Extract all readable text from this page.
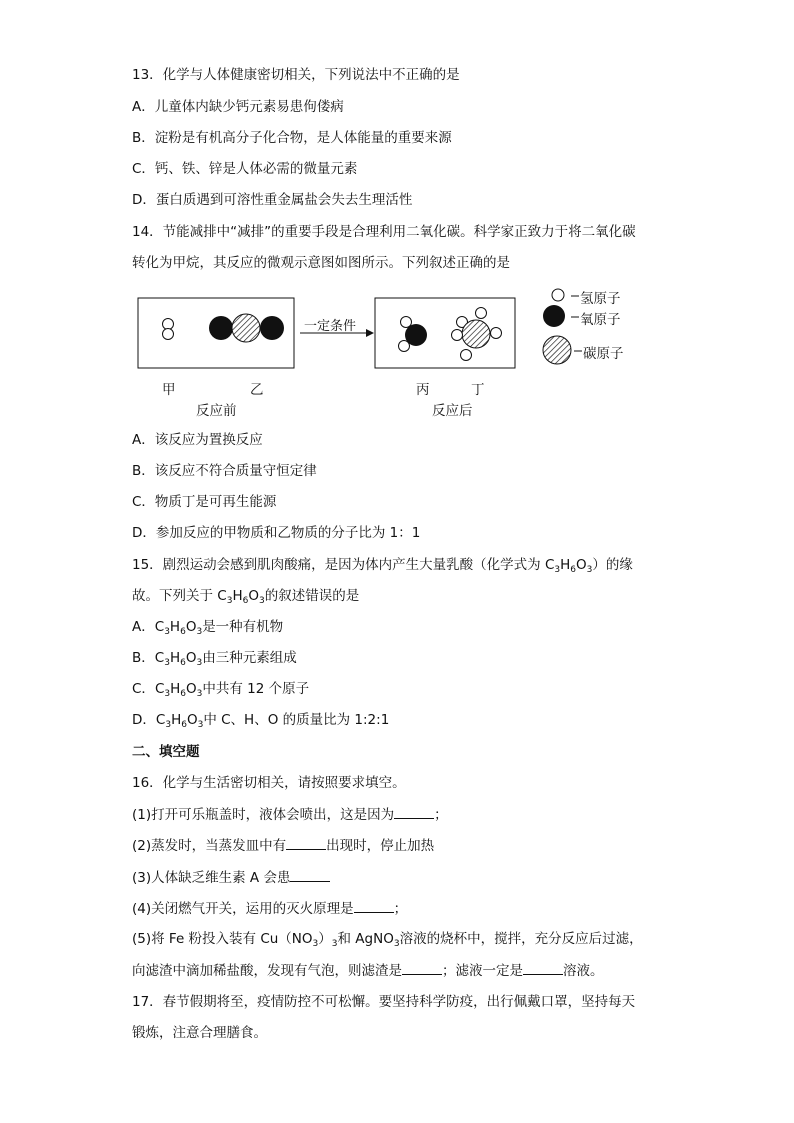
13．化学与人体健康密切相关，下列说法中不正确的是
A．儿童体内缺少钙元素易患佝偻病
B．淀粉是有机高分子化合物，是人体能量的重要来源
C．钙、铁、锌是人体必需的微量元素
D．蛋白质遇到可溶性重金属盐会失去生理活性
14．节能减排中“减排”的重要手段是合理利用二氧化碳。科学家正致力于将二氧化碳
转化为甲烷，其反应的微观示意图如图所示。下列叙述正确的是
一定条件
甲	乙
反应前
丙	丁
反应后
氢原子
氧原子
碳原子
A．该反应为置换反应
B．该反应不符合质量守恒定律
C．物质丁是可再生能源
D．参加反应的甲物质和乙物质的分子比为 1：1
15．剧烈运动会感到肌肉酸痛，是因为体内产生大量乳酸（化学式为 $C_3H_6O_3$）的缘
故。下列关于 $C_3H_6O_3$的叙述错误的是
A．$C_3H_6O_3$是一种有机物
B．$C_3H_6O_3$由三种元素组成
C．$C_3H_6O_3$中共有 12 个原子
D．$C_3H_6O_3$中 C、H、O 的质量比为 1:2:1
二、填空题
16．化学与生活密切相关，请按照要求填空。
(1)打开可乐瓶盖时，液体会喷出，这是因为	；
(2)蒸发时，当蒸发皿中有	出现时，停止加热
(3)人体缺乏维生素 A 会患
(4)关闭燃气开关，运用的灭火原理是	；
(5)将 Fe 粉投入装有 $Cu(NO_3)_3$和 AgNO$_3$溶液的烧杯中，搅拌，充分反应后过滤，
向滤渣中滴加稀盐酸，发现有气泡，则滤渣是	；滤液一定是	溶液。
17．春节假期将至，疫情防控不可松懈。要坚持科学防疫，出行佩戴口罩，坚持每天
锻炼，注意合理膳食。
